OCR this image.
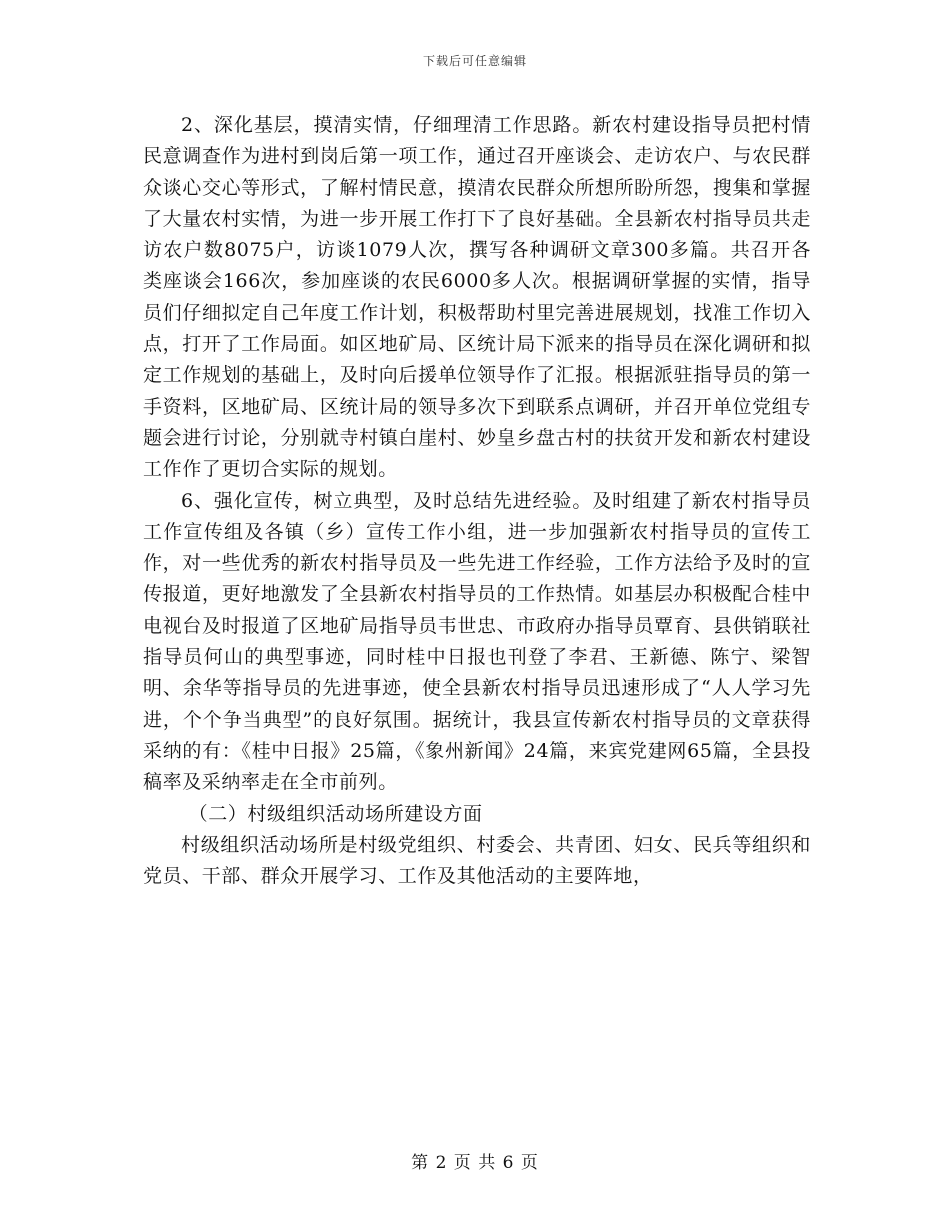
下载后可任意编辑

2、深化基层，摸清实情，仔细理清工作思路。新农村建设指导员把村情民意调查作为进村到岗后第一项工作，通过召开座谈会、走访农户、与农民群众谈心交心等形式，了解村情民意，摸清农民群众所想所盼所怨，搜集和掌握了大量农村实情，为进一步开展工作打下了良好基础。全县新农村指导员共走访农户数8075户，访谈1079人次，撰写各种调研文章300多篇。共召开各类座谈会166次，参加座谈的农民6000多人次。根据调研掌握的实情，指导员们仔细拟定自己年度工作计划，积极帮助村里完善进展规划，找准工作切入点，打开了工作局面。如区地矿局、区统计局下派来的指导员在深化调研和拟定工作规划的基础上，及时向后援单位领导作了汇报。根据派驻指导员的第一手资料，区地矿局、区统计局的领导多次下到联系点调研，并召开单位党组专题会进行讨论，分别就寺村镇白崖村、妙皇乡盘古村的扶贫开发和新农村建设工作作了更切合实际的规划。

6、强化宣传，树立典型，及时总结先进经验。及时组建了新农村指导员工作宣传组及各镇（乡）宣传工作小组，进一步加强新农村指导员的宣传工作，对一些优秀的新农村指导员及一些先进工作经验，工作方法给予及时的宣传报道，更好地激发了全县新农村指导员的工作热情。如基层办积极配合桂中电视台及时报道了区地矿局指导员韦世忠、市政府办指导员覃育、县供销联社指导员何山的典型事迹，同时桂中日报也刊登了李君、王新德、陈宁、梁智明、余华等指导员的先进事迹，使全县新农村指导员迅速形成了“人人学习先进，个个争当典型”的良好氛围。据统计，我县宣传新农村指导员的文章获得采纳的有：《桂中日报》25篇，《象州新闻》24篇，来宾党建网65篇，全县投稿率及采纳率走在全市前列。

（二）村级组织活动场所建设方面

村级组织活动场所是村级党组织、村委会、共青团、妇女、民兵等组织和党员、干部、群众开展学习、工作及其他活动的主要阵地，

第 2 页 共 6 页
